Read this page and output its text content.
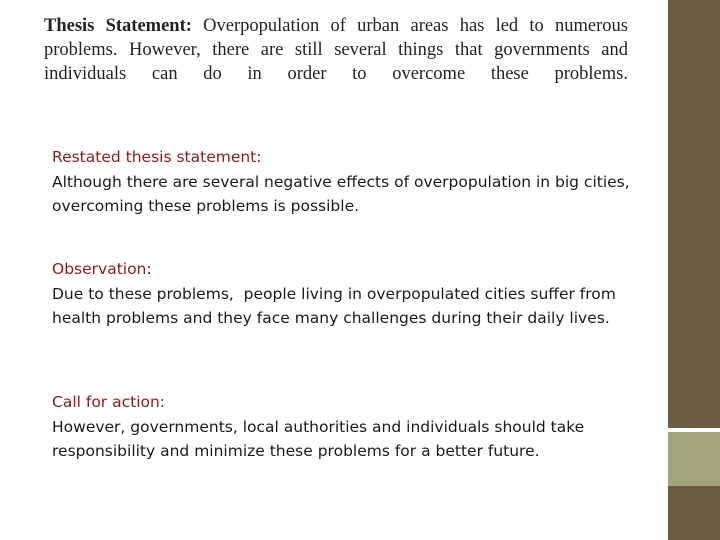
Thesis Statement: Overpopulation of urban areas has led to numerous problems. However, there are still several things that governments and individuals can do in order to overcome these problems.

Restated thesis statement:
Although there are several negative effects of overpopulation in big cities, overcoming these problems is possible.
Observation:
Due to these problems,  people living in overpopulated cities suffer from health problems and they face many challenges during their daily lives.
Call for action:
However, governments, local authorities and individuals should take responsibility and minimize these problems for a better future.
